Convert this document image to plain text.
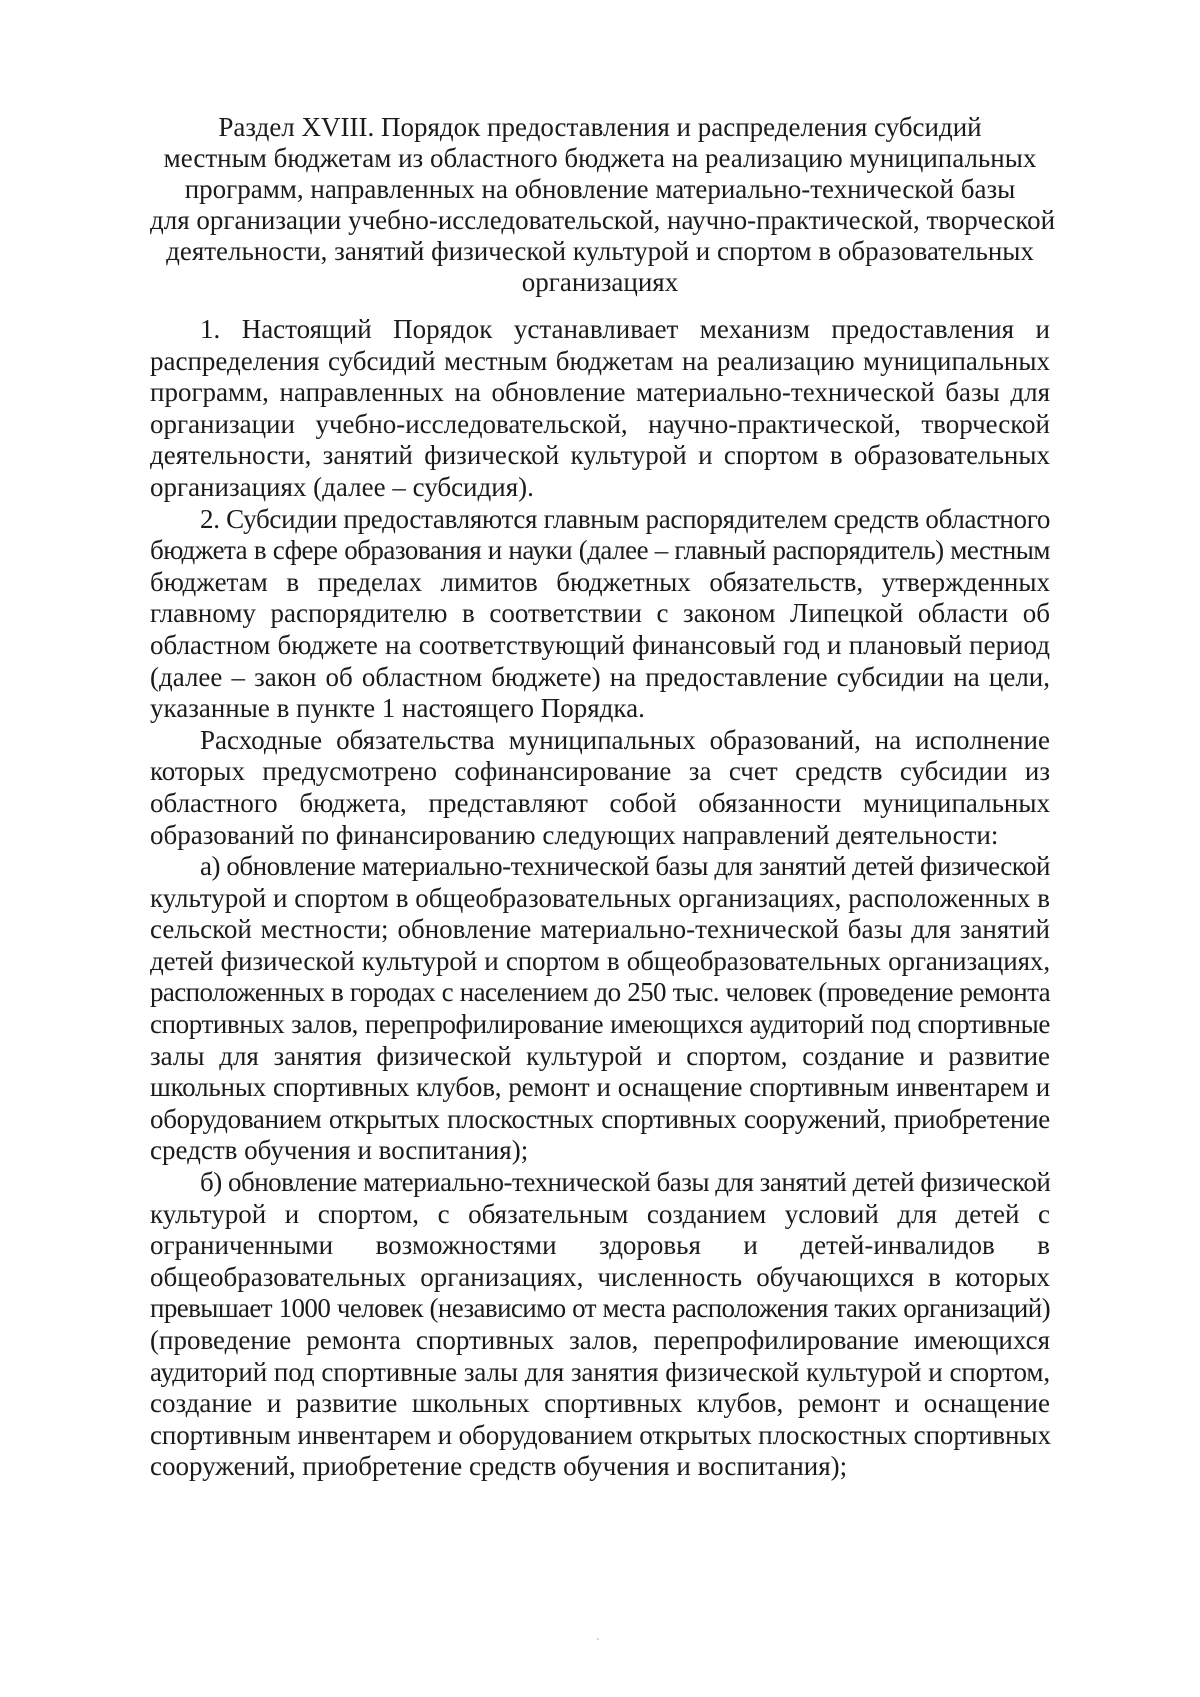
Раздел XVIII. Порядок предоставления и распределения субсидий
местным бюджетам из областного бюджета на реализацию муниципальных
программ, направленных на обновление материально-технической базы
для организации учебно-исследовательской, научно-практической, творческой
деятельности, занятий физической культурой и спортом в образовательных
организациях

1. Настоящий Порядок устанавливает механизм предоставления и
распределения субсидий местным бюджетам на реализацию муниципальных
программ, направленных на обновление материально-технической базы для
организации учебно-исследовательской, научно-практической, творческой
деятельности, занятий физической культурой и спортом в образовательных
организациях (далее – субсидия).

2. Субсидии предоставляются главным распорядителем средств областного
бюджета в сфере образования и науки (далее – главный распорядитель) местным
бюджетам в пределах лимитов бюджетных обязательств, утвержденных
главному распорядителю в соответствии с законом Липецкой области об
областном бюджете на соответствующий финансовый год и плановый период
(далее – закон об областном бюджете) на предоставление субсидии на цели,
указанные в пункте 1 настоящего Порядка.

Расходные обязательства муниципальных образований, на исполнение
которых предусмотрено софинансирование за счет средств субсидии из
областного бюджета, представляют собой обязанности муниципальных
образований по финансированию следующих направлений деятельности:

а) обновление материально-технической базы для занятий детей физической
культурой и спортом в общеобразовательных организациях, расположенных в
сельской местности; обновление материально-технической базы для занятий
детей физической культурой и спортом в общеобразовательных организациях,
расположенных в городах с населением до 250 тыс. человек (проведение ремонта
спортивных залов, перепрофилирование имеющихся аудиторий под спортивные
залы для занятия физической культурой и спортом, создание и развитие
школьных спортивных клубов, ремонт и оснащение спортивным инвентарем и
оборудованием открытых плоскостных спортивных сооружений, приобретение
средств обучения и воспитания);

б) обновление материально-технической базы для занятий детей физической
культурой и спортом, с обязательным созданием условий для детей с
ограниченными возможностями здоровья и детей-инвалидов в
общеобразовательных организациях, численность обучающихся в которых
превышает 1000 человек (независимо от места расположения таких организаций)
(проведение ремонта спортивных залов, перепрофилирование имеющихся
аудиторий под спортивные залы для занятия физической культурой и спортом,
создание и развитие школьных спортивных клубов, ремонт и оснащение
спортивным инвентарем и оборудованием открытых плоскостных спортивных
сооружений, приобретение средств обучения и воспитания);
